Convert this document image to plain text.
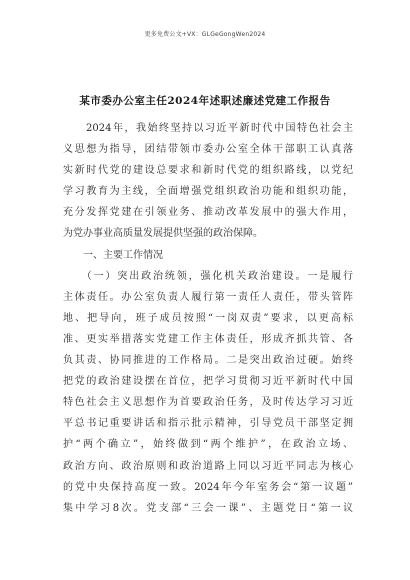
更多免费公文+VX：GLGeGongWen2024
某市委办公室主任2024年述职述廉述党建工作报告
　　2024年，我始终坚持以习近平新时代中国特色社会主
义思想为指导，团结带领市委办公室全体干部职工认真落
实新时代党的建设总要求和新时代党的组织路线，以党纪
学习教育为主线，全面增强党组织政治功能和组织功能，
充分发挥党建在引领业务、推动改革发展中的强大作用，
为党办事业高质量发展提供坚强的政治保障。
　　一、主要工作情况
　　（一）突出政治统领，强化机关政治建设。一是履行
主体责任。办公室负责人履行第一责任人责任，带头管阵
地、把导向，班子成员按照“一岗双责”要求，以更高标
准、更实举措落实党建工作主体责任，形成齐抓共管、各
负其责、协同推进的工作格局。二是突出政治过硬。始终
把党的政治建设摆在首位，把学习贯彻习近平新时代中国
特色社会主义思想作为首要政治任务，及时传达学习习近
平总书记重要讲话和指示批示精神，引导党员干部坚定拥
护“两个确立”，始终做到“两个维护”，在政治立场、
政治方向、政治原则和政治道路上同以习近平同志为核心
的党中央保持高度一致。2024年今年室务会“第一议题”
集中学习8次。党支部“三会一课”、主题党日“第一议
